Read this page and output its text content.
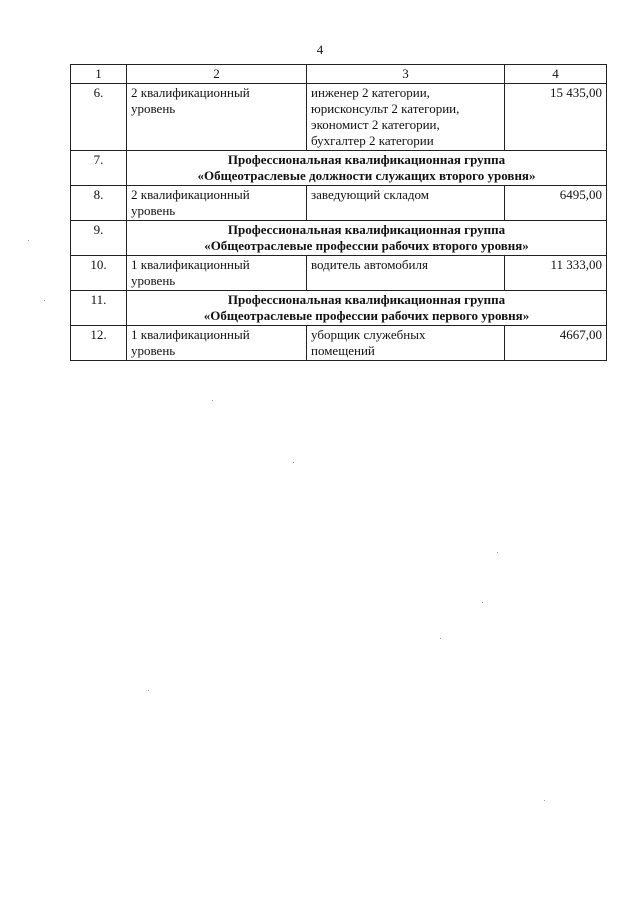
4
1	2	3	4
6.	2 квалификационный
уровень	инженер 2 категории,
юрисконсульт 2 категории,
экономист 2 категории,
бухгалтер 2 категории	15 435,00
7.	Профессиональная квалификационная группа
«Общеотраслевые должности служащих второго уровня»		

8.	2 квалификационный
уровень	заведующий складом	6495,00
9.	Профессиональная квалификационная группа
«Общеотраслевые профессии рабочих второго уровня»		

10.	1 квалификационный
уровень	водитель автомобиля	11 333,00
11.	Профессиональная квалификационная группа
«Общеотраслевые профессии рабочих первого уровня»		

12.	1 квалификационный
уровень	уборщик служебных
помещений	4667,00
